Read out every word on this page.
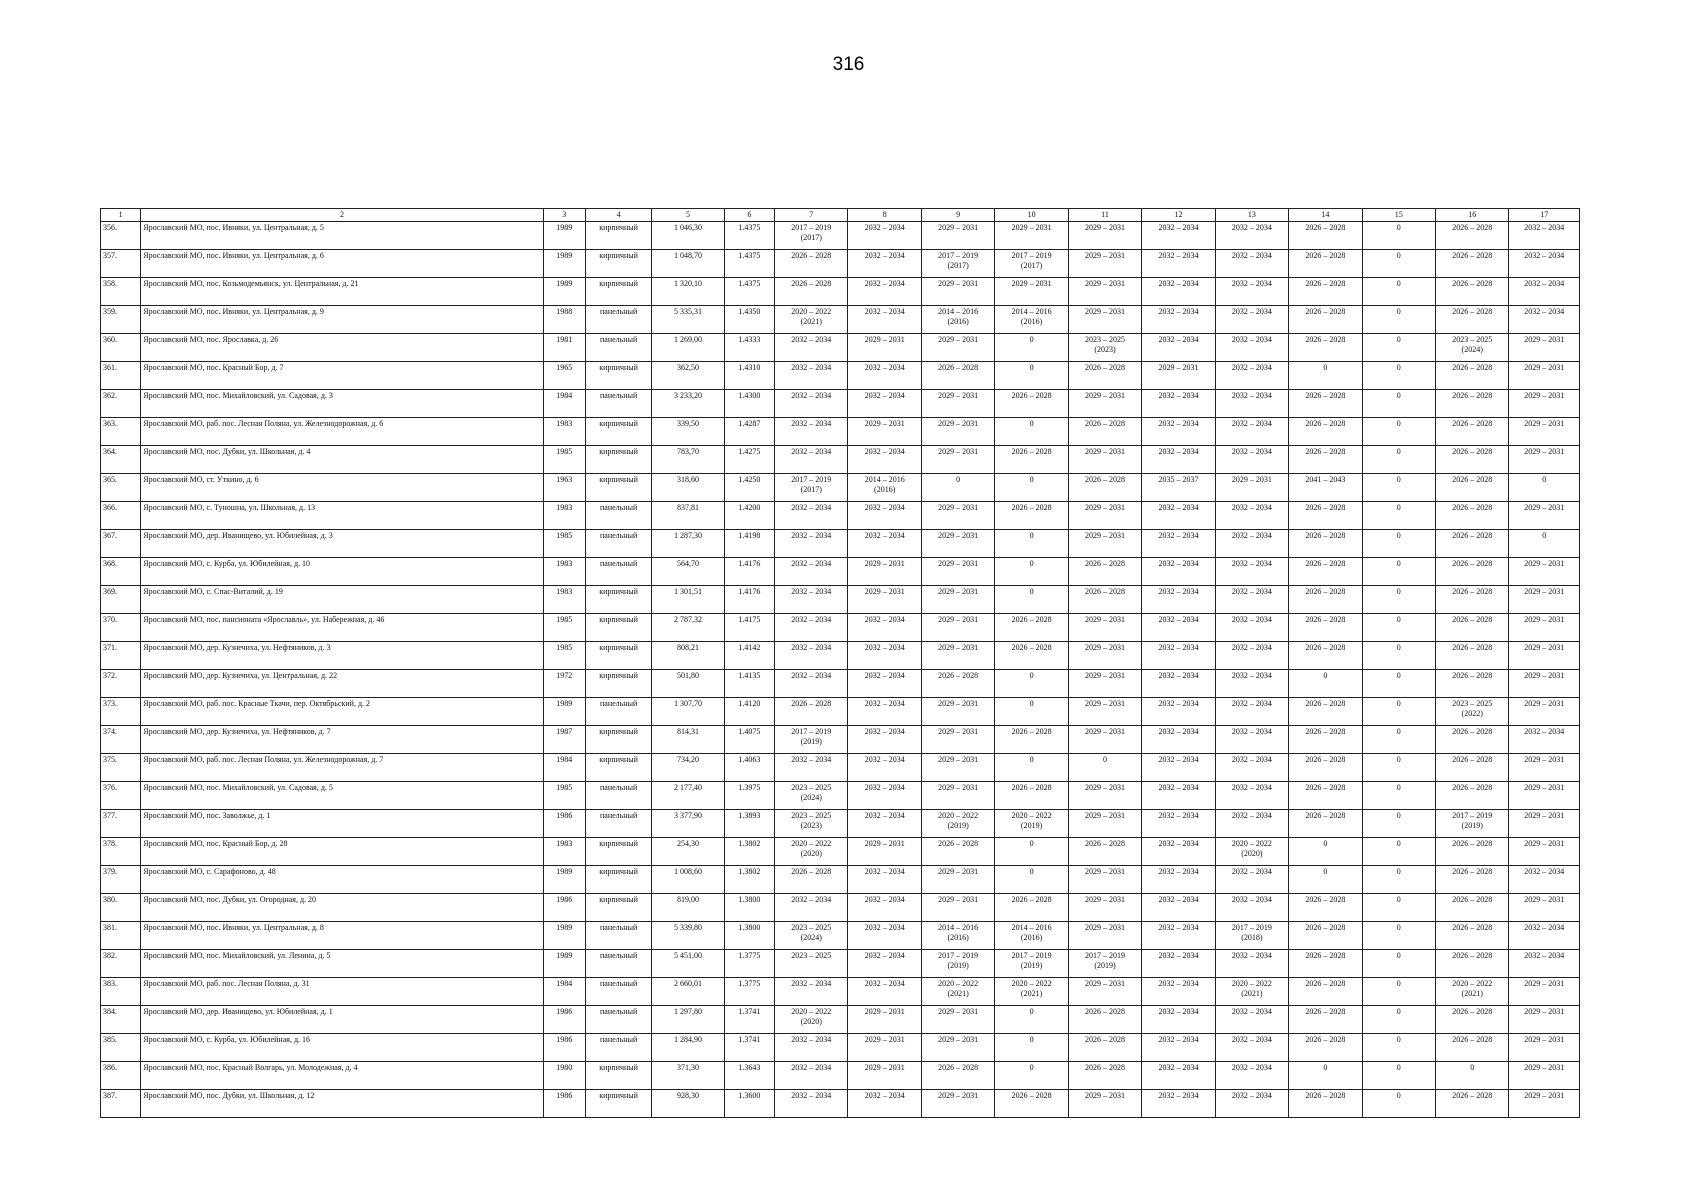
316
1	2	3	4	5	6	7	8	9	10	11	12	13	14	15	16	17

356.	Ярославский МО, пос. Ивняки, ул. Центральная, д. 5	1989	кирпичный	1 046,30	1.4375	2017 – 2019
(2017)	2032 – 2034	2029 – 2031	2029 – 2031	2029 – 2031	2032 – 2034	2032 – 2034	2026 – 2028	0	2026 – 2028	2032 – 2034

357.	Ярославский МО, пос. Ивняки, ул. Центральная, д. 6	1989	кирпичный	1 048,70	1.4375	2026 – 2028	2032 – 2034	2017 – 2019
(2017)	2017 – 2019
(2017)	2029 – 2031	2032 – 2034	2032 – 2034	2026 – 2028	0	2026 – 2028	2032 – 2034

358.	Ярославский МО, пос. Козьмодемьянск, ул. Центральная, д. 21	1989	кирпичный	1 320,10	1.4375	2026 – 2028	2032 – 2034	2029 – 2031	2029 – 2031	2029 – 2031	2032 – 2034	2032 – 2034	2026 – 2028	0	2026 – 2028	2032 – 2034

359.	Ярославский МО, пос. Ивняки, ул. Центральная, д. 9	1988	панельный	5 335,31	1.4350	2020 – 2022
(2021)	2032 – 2034	2014 – 2016
(2016)	2014 – 2016
(2016)	2029 – 2031	2032 – 2034	2032 – 2034	2026 – 2028	0	2026 – 2028	2032 – 2034

360.	Ярославский МО, пос. Ярославка, д. 26	1981	панельный	1 269,00	1.4333	2032 – 2034	2029 – 2031	2029 – 2031	0	2023 – 2025
(2023)	2032 – 2034	2032 – 2034	2026 – 2028	0	2023 – 2025
(2024)	2029 – 2031

361.	Ярославский МО, пос. Красный Бор, д. 7	1965	кирпичный	362,50	1.4310	2032 – 2034	2032 – 2034	2026 – 2028	0	2026 – 2028	2029 – 2031	2032 – 2034	0	0	2026 – 2028	2029 – 2031

362.	Ярославский МО, пос. Михайловский, ул. Садовая, д. 3	1984	панельный	3 233,20	1.4300	2032 – 2034	2032 – 2034	2029 – 2031	2026 – 2028	2029 – 2031	2032 – 2034	2032 – 2034	2026 – 2028	0	2026 – 2028	2029 – 2031

363.	Ярославский МО, раб. пос. Лесная Поляна, ул. Железнодорожная, д. 6	1983	кирпичный	339,50	1.4287	2032 – 2034	2029 – 2031	2029 – 2031	0	2026 – 2028	2032 – 2034	2032 – 2034	2026 – 2028	0	2026 – 2028	2029 – 2031

364.	Ярославский МО, пос. Дубки, ул. Школьная, д. 4	1985	кирпичный	783,70	1.4275	2032 – 2034	2032 – 2034	2029 – 2031	2026 – 2028	2029 – 2031	2032 – 2034	2032 – 2034	2026 – 2028	0	2026 – 2028	2029 – 2031

365.	Ярославский МО, ст. Уткино, д. 6	1963	кирпичный	318,60	1.4250	2017 – 2019
(2017)	2014 – 2016
(2016)	0	0	2026 – 2028	2035 – 2037	2029 – 2031	2041 – 2043	0	2026 – 2028	0

366.	Ярославский МО, с. Туношна, ул. Школьная, д. 13	1983	панельный	837,81	1.4200	2032 – 2034	2032 – 2034	2029 – 2031	2026 – 2028	2029 – 2031	2032 – 2034	2032 – 2034	2026 – 2028	0	2026 – 2028	2029 – 2031

367.	Ярославский МО, дер. Иванищево, ул. Юбилейная, д. 3	1985	панельный	1 287,30	1.4198	2032 – 2034	2032 – 2034	2029 – 2031	0	2029 – 2031	2032 – 2034	2032 – 2034	2026 – 2028	0	2026 – 2028	0

368.	Ярославский МО, с. Курба, ул. Юбилейная, д. 10	1983	панельный	564,70	1.4176	2032 – 2034	2029 – 2031	2029 – 2031	0	2026 – 2028	2032 – 2034	2032 – 2034	2026 – 2028	0	2026 – 2028	2029 – 2031

369.	Ярославский МО, с. Спас-Виталий, д. 19	1983	кирпичный	1 301,51	1.4176	2032 – 2034	2029 – 2031	2029 – 2031	0	2026 – 2028	2032 – 2034	2032 – 2034	2026 – 2028	0	2026 – 2028	2029 – 2031

370.	Ярославский МО, пос. пансионата «Ярославль», ул. Набережная, д. 46	1985	кирпичный	2 787,32	1.4175	2032 – 2034	2032 – 2034	2029 – 2031	2026 – 2028	2029 – 2031	2032 – 2034	2032 – 2034	2026 – 2028	0	2026 – 2028	2029 – 2031

371.	Ярославский МО, дер. Кузнечиха, ул. Нефтяников, д. 3	1985	кирпичный	808,21	1.4142	2032 – 2034	2032 – 2034	2029 – 2031	2026 – 2028	2029 – 2031	2032 – 2034	2032 – 2034	2026 – 2028	0	2026 – 2028	2029 – 2031

372.	Ярославский МО, дер. Кузнечиха, ул. Центральная, д. 22	1972	кирпичный	501,80	1.4135	2032 – 2034	2032 – 2034	2026 – 2028	0	2029 – 2031	2032 – 2034	2032 – 2034	0	0	2026 – 2028	2029 – 2031

373.	Ярославский МО, раб. пос. Красные Ткачи, пер. Октябрьский, д. 2	1989	панельный	1 307,70	1.4120	2026 – 2028	2032 – 2034	2029 – 2031	0	2029 – 2031	2032 – 2034	2032 – 2034	2026 – 2028	0	2023 – 2025
(2022)	2029 – 2031

374.	Ярославский МО, дер. Кузнечиха, ул. Нефтяников, д. 7	1987	кирпичный	814,31	1.4075	2017 – 2019
(2019)	2032 – 2034	2029 – 2031	2026 – 2028	2029 – 2031	2032 – 2034	2032 – 2034	2026 – 2028	0	2026 – 2028	2032 – 2034

375.	Ярославский МО, раб. пос. Лесная Поляна, ул. Железнодорожная, д. 7	1984	кирпичный	734,20	1.4063	2032 – 2034	2032 – 2034	2029 – 2031	0	0	2032 – 2034	2032 – 2034	2026 – 2028	0	2026 – 2028	2029 – 2031

376.	Ярославский МО, пос. Михайловский, ул. Садовая, д. 5	1985	панельный	2 177,40	1.3975	2023 – 2025
(2024)	2032 – 2034	2029 – 2031	2026 – 2028	2029 – 2031	2032 – 2034	2032 – 2034	2026 – 2028	0	2026 – 2028	2029 – 2031

377.	Ярославский МО, пос. Заволжье, д. 1	1986	панельный	3 377,90	1.3893	2023 – 2025
(2023)	2032 – 2034	2020 – 2022
(2019)	2020 – 2022
(2019)	2029 – 2031	2032 – 2034	2032 – 2034	2026 – 2028	0	2017 – 2019
(2019)	2029 – 2031

378.	Ярославский МО, пос. Красный Бор, д. 28	1983	кирпичный	254,30	1.3802	2020 – 2022
(2020)	2029 – 2031	2026 – 2028	0	2026 – 2028	2032 – 2034	2020 – 2022
(2020)	0	0	2026 – 2028	2029 – 2031

379.	Ярославский МО, с. Сарафоново, д. 48	1989	кирпичный	1 008,60	1.3802	2026 – 2028	2032 – 2034	2029 – 2031	0	2029 – 2031	2032 – 2034	2032 – 2034	0	0	2026 – 2028	2032 – 2034

380.	Ярославский МО, пос. Дубки, ул. Огородная, д. 20	1986	кирпичный	819,00	1.3800	2032 – 2034	2032 – 2034	2029 – 2031	2026 – 2028	2029 – 2031	2032 – 2034	2032 – 2034	2026 – 2028	0	2026 – 2028	2029 – 2031

381.	Ярославский МО, пос. Ивняки, ул. Центральная, д. 8	1989	панельный	5 339,80	1.3800	2023 – 2025
(2024)	2032 – 2034	2014 – 2016
(2016)	2014 – 2016
(2016)	2029 – 2031	2032 – 2034	2017 – 2019
(2018)	2026 – 2028	0	2026 – 2028	2032 – 2034

382.	Ярославский МО, пос. Михайловский, ул. Ленина, д. 5	1989	панельный	5 451,00	1.3775	2023 – 2025	2032 – 2034	2017 – 2019
(2019)	2017 – 2019
(2019)	2017 – 2019
(2019)	2032 – 2034	2032 – 2034	2026 – 2028	0	2026 – 2028	2032 – 2034

383.	Ярославский МО, раб. пос. Лесная Поляна, д. 31	1984	панельный	2 660,01	1.3775	2032 – 2034	2032 – 2034	2020 – 2022
(2021)	2020 – 2022
(2021)	2029 – 2031	2032 – 2034	2020 – 2022
(2021)	2026 – 2028	0	2020 – 2022
(2021)	2029 – 2031

384.	Ярославский МО, дер. Иванищево, ул. Юбилейная, д. 1	1986	панельный	1 297,80	1.3741	2020 – 2022
(2020)	2029 – 2031	2029 – 2031	0	2026 – 2028	2032 – 2034	2032 – 2034	2026 – 2028	0	2026 – 2028	2029 – 2031

385.	Ярославский МО, с. Курба, ул. Юбилейная, д. 16	1986	панельный	1 284,90	1.3741	2032 – 2034	2029 – 2031	2029 – 2031	0	2026 – 2028	2032 – 2034	2032 – 2034	2026 – 2028	0	2026 – 2028	2029 – 2031

386.	Ярославский МО, пос. Красный Волгарь, ул. Молодежная, д. 4	1980	кирпичный	371,30	1.3643	2032 – 2034	2029 – 2031	2026 – 2028	0	2026 – 2028	2032 – 2034	2032 – 2034	0	0	0	2029 – 2031

387.	Ярославский МО, пос. Дубки, ул. Школьная, д. 12	1986	кирпичный	928,30	1.3600	2032 – 2034	2032 – 2034	2029 – 2031	2026 – 2028	2029 – 2031	2032 – 2034	2032 – 2034	2026 – 2028	0	2026 – 2028	2029 – 2031
